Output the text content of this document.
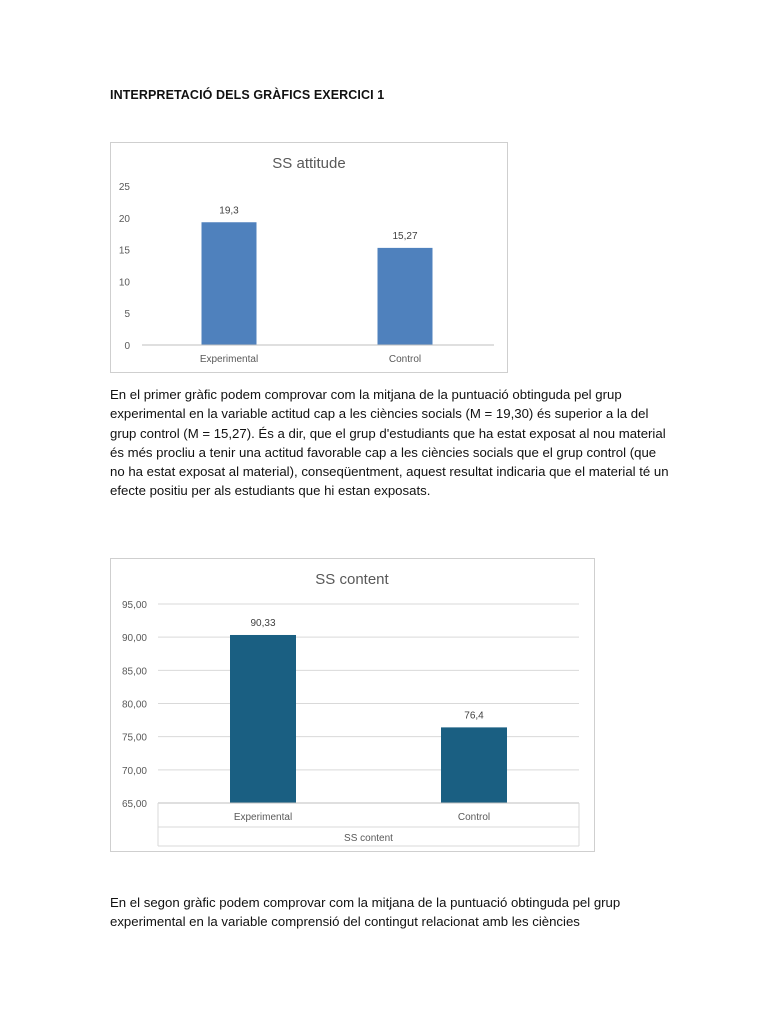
INTERPRETACIÓ DELS GRÀFICS EXERCICI 1
SS attitude
0
5
10
15
20
25
19,3
Experimental
15,27
Control

En el primer gràfic podem comprovar com la mitjana de la puntuació obtinguda pel grup experimental en la variable actitud cap a les ciències socials (M = 19,30) és superior a la del grup control (M = 15,27). És a dir, que el grup d'estudiants que ha estat exposat al nou material és més procliu a tenir una actitud favorable cap a les ciències socials que el grup control (que no ha estat exposat al material), conseqüentment, aquest resultat indicaria que el material té un efecte positiu per als estudiants que hi estan exposats.

SS content
65,00
70,00
75,00
80,00
85,00
90,00
95,00
90,33
Experimental
76,4
Control
SS content

En el segon gràfic podem comprovar com la mitjana de la puntuació obtinguda pel grup experimental en la variable comprensió del contingut relacionat amb les ciències
